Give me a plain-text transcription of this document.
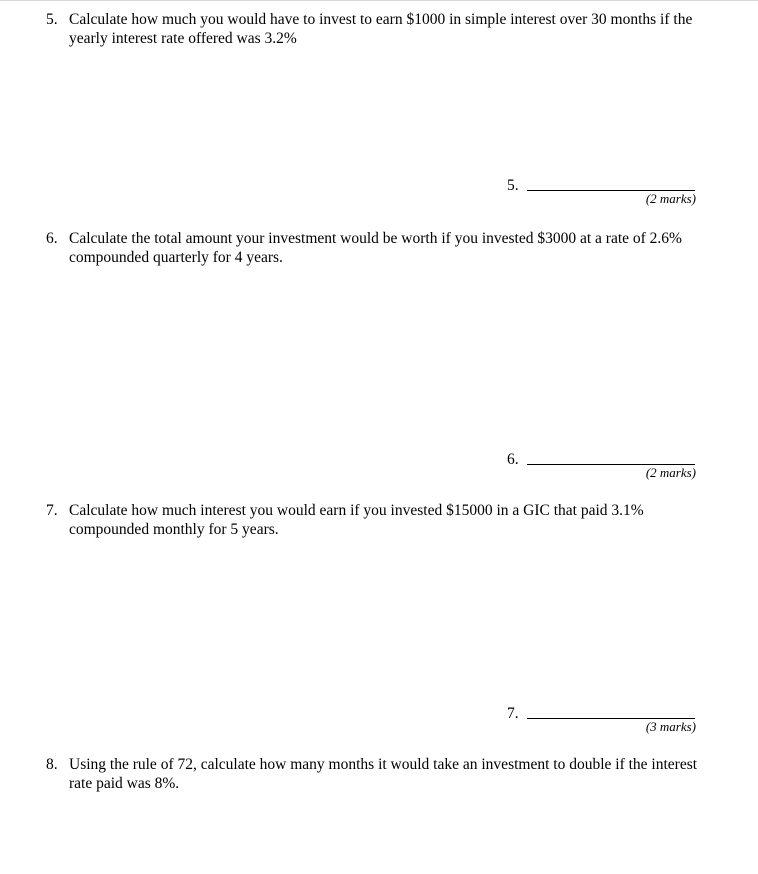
5. Calculate how much you would have to invest to earn $1000 in simple interest over 30 months if the
yearly interest rate offered was 3.2%
5.
(2 marks)
6. Calculate the total amount your investment would be worth if you invested $3000 at a rate of 2.6%
compounded quarterly for 4 years.
6.
(2 marks)
7. Calculate how much interest you would earn if you invested $15000 in a GIC that paid 3.1%
compounded monthly for 5 years.
7.
(3 marks)
8. Using the rule of 72, calculate how many months it would take an investment to double if the interest
rate paid was 8%.
